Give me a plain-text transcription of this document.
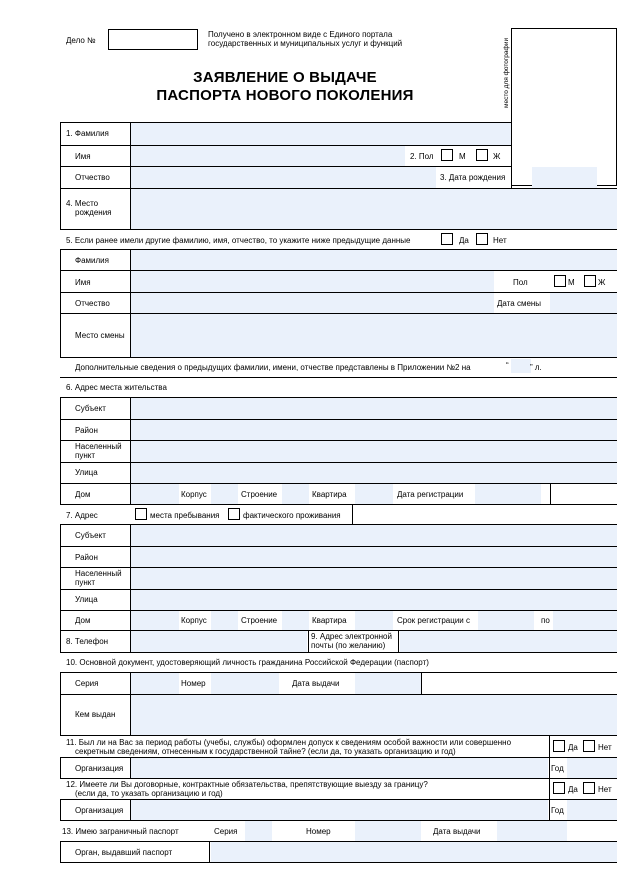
Дело №
Получено в электронном виде с Единого портала
государственных и муниципальных услуг и функций	место для фотографии
ЗАЯВЛЕНИЕ О ВЫДАЧЕ
ПАСПОРТА НОВОГО ПОКОЛЕНИЯ
1. Фамилия
Имя	2. Пол	М	Ж
Отчество	3. Дата рождения
4. Место
рождения
5. Если ранее имели другие фамилию, имя, отчество, то укажите ниже предыдущие данные	Да	Нет
Фамилия
Имя	Пол	М	Ж
Отчество	Дата смены
Место смены
Дополнительные сведения о предыдущих фамилии, имени, отчестве представлены в Приложении №2 на	“	” л.
6. Адрес места жительства
Субъект
Район
Населенный
пункт
Улица
Дом	Корпус	Строение	Квартира	Дата регистрации
7. Адрес	места пребывания	фактического проживания
Субъект
Район
Населенный
пункт
Улица
Дом	Корпус	Строение	Квартира	Срок регистрации с	по
8. Телефон
9. Адрес электронной
почты (по желанию)
10. Основной документ, удостоверяющий личность гражданина Российской Федерации (паспорт)
Серия	Номер	Дата выдачи
Кем выдан
11. Был ли на Вас за период работы (учебы, службы) оформлен допуск к сведениям особой важности или совершенно
секретным сведениям, отнесенным к государственной тайне? (если да, то указать организацию и год)	Да	Нет
Организация	Год
12. Имеете ли Вы договорные, контрактные обязательства, препятствующие выезду за границу?
(если да, то указать организацию и год)	Да	Нет
Организация	Год
13. Имею заграничный паспорт	Серия	Номер	Дата выдачи
Орган, выдавший паспорт
